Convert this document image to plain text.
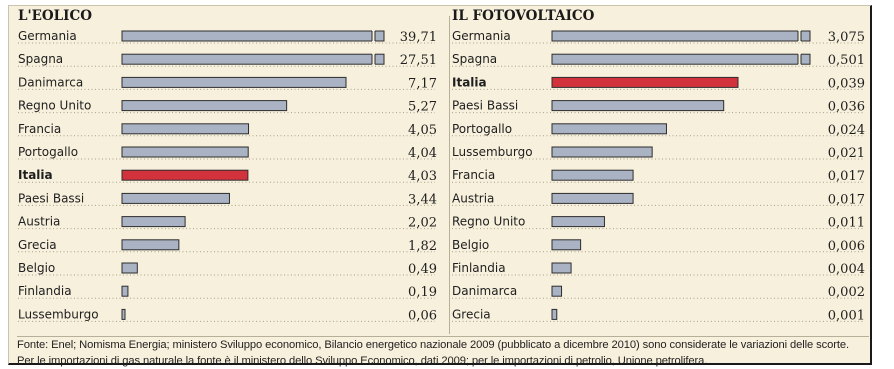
L'EOLICO
Germania	39,71
Spagna	27,51
Danimarca	7,17
Regno Unito	5,27
Francia	4,05
Portogallo	4,04
Italia	4,03
Paesi Bassi	3,44
Austria	2,02
Grecia	1,82
Belgio	0,49
Finlandia	0,19
Lussemburgo	0,06
IL FOTOVOLTAICO
Germania	3,075
Spagna	0,501
Italia	0,039
Paesi Bassi	0,036
Portogallo	0,024
Lussemburgo	0,021
Francia	0,017
Austria	0,017
Regno Unito	0,011
Belgio	0,006
Finlandia	0,004
Danimarca	0,002
Grecia	0,001
Fonte: Enel; Nomisma Energia; ministero Sviluppo economico, Bilancio energetico nazionale 2009 (pubblicato a dicembre 2010) sono considerate le variazioni delle scorte. Per le importazioni di gas naturale la fonte è il ministero dello Sviluppo Economico, dati 2009; per le importazioni di petrolio, Unione petrolifera.
